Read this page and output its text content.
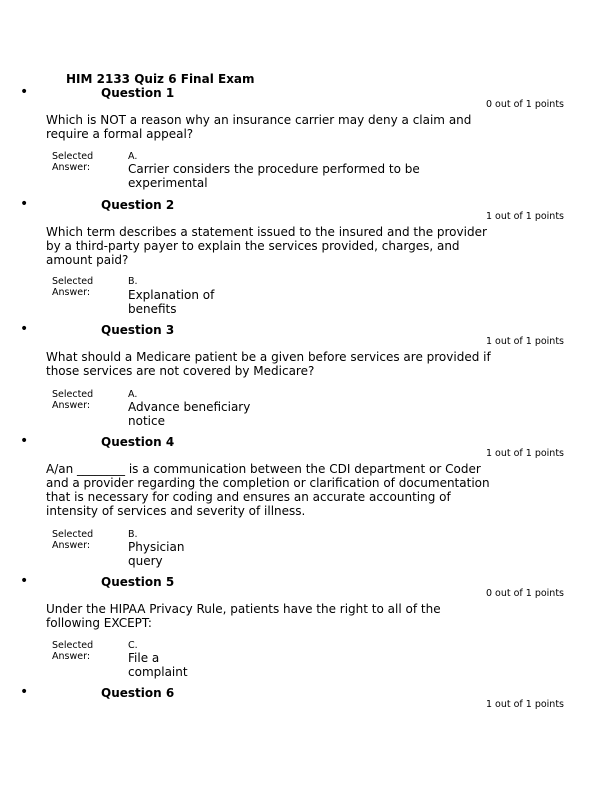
HIM 2133 Quiz 6 Final Exam
•	Question 1
0 out of 1 points
Which is NOT a reason why an insurance carrier may deny a claim and require a formal appeal?
Selected Answer:
A.
Carrier considers the procedure performed to be experimental
•	Question 2
1 out of 1 points
Which term describes a statement issued to the insured and the provider by a third-party payer to explain the services provided, charges, and amount paid?
Selected Answer:
B.
Explanation of benefits
•	Question 3
1 out of 1 points
What should a Medicare patient be a given before services are provided if those services are not covered by Medicare?
Selected Answer:
A.
Advance beneficiary notice
•	Question 4
1 out of 1 points
A/an ________ is a communication between the CDI department or Coder and a provider regarding the completion or clarification of documentation that is necessary for coding and ensures an accurate accounting of intensity of services and severity of illness.
Selected Answer:
B.
Physician query
•	Question 5
0 out of 1 points
Under the HIPAA Privacy Rule, patients have the right to all of the following EXCEPT:
Selected Answer:
C.
File a complaint
•	Question 6
1 out of 1 points
